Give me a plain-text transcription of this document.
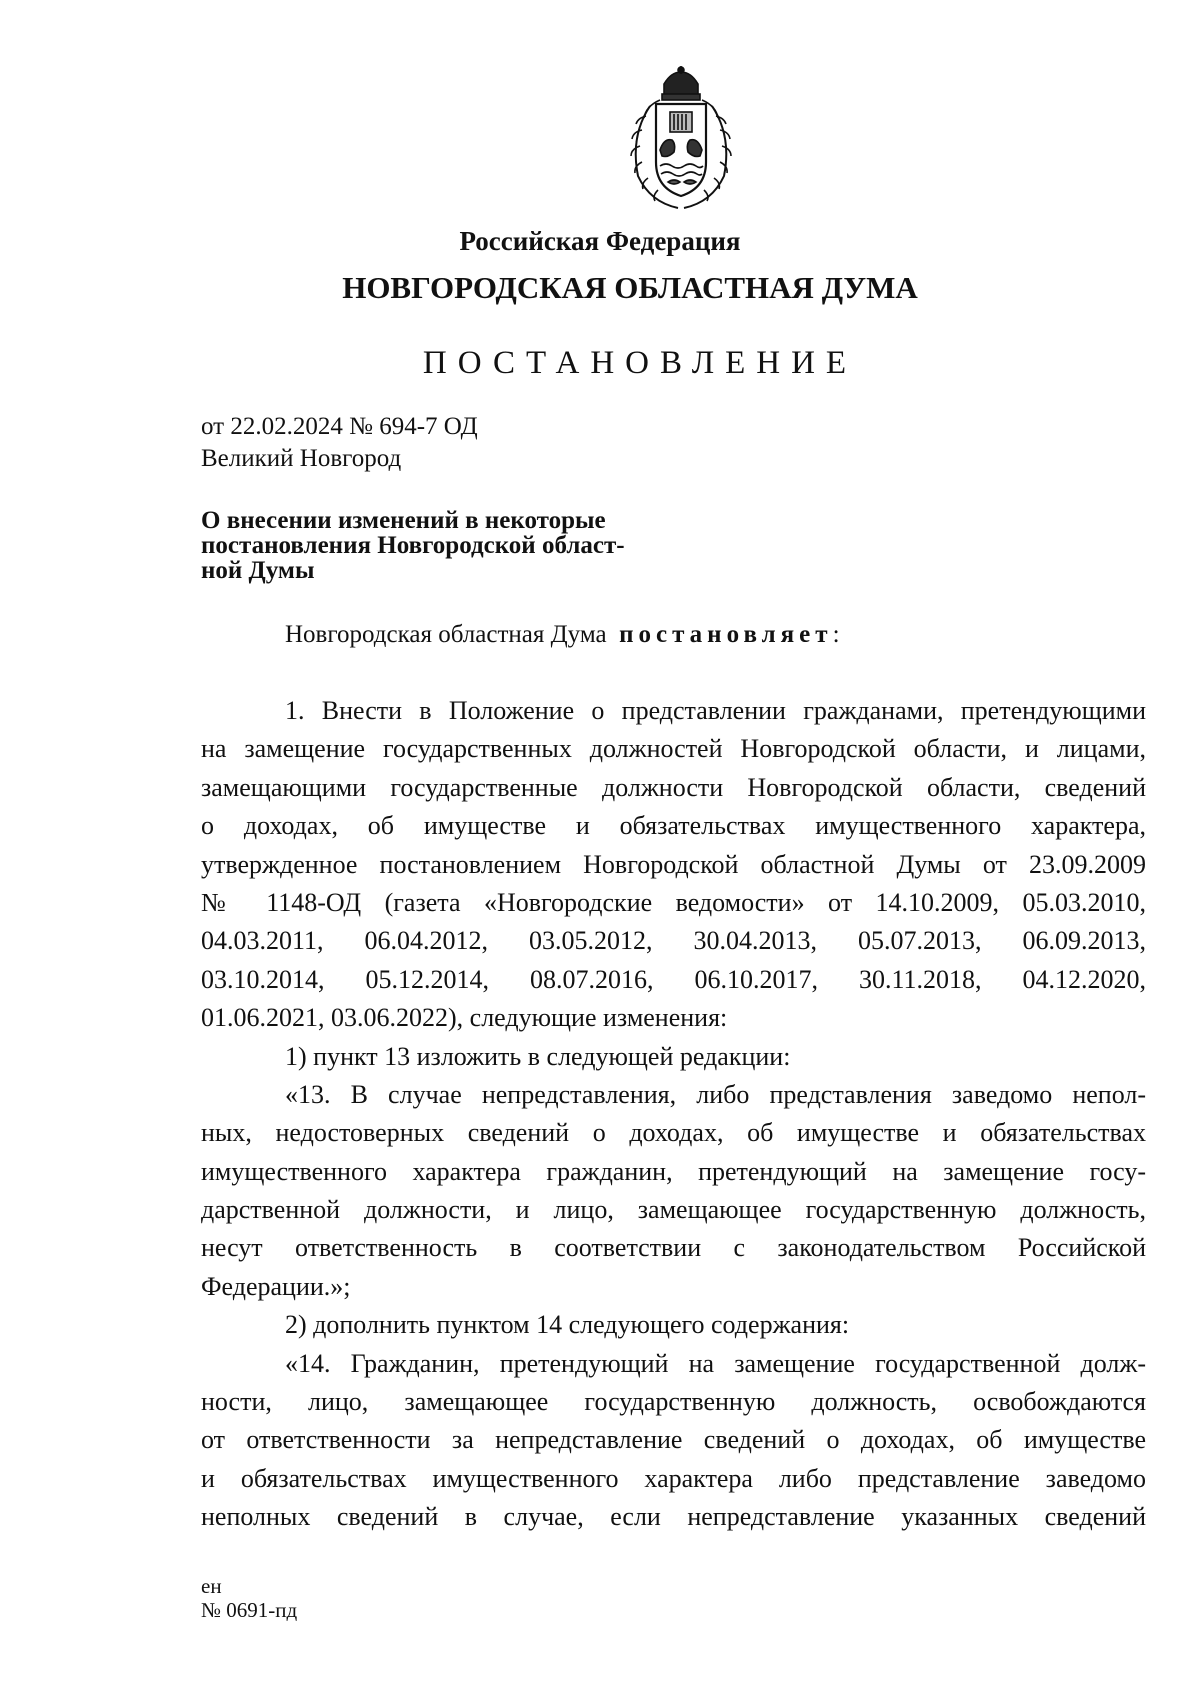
Российская Федерация
НОВГОРОДСКАЯ ОБЛАСТНАЯ ДУМА
ПОСТАНОВЛЕНИЕ
от 22.02.2024 № 694-7 ОД
Великий Новгород
О внесении изменений в некоторые
постановления Новгородской област-
ной Думы
Новгородская областная Дума  постановляет:
1. Внести в Положение о представлении гражданами, претендующими
на замещение государственных должностей Новгородской области, и лицами,
замещающими государственные должности Новгородской области, сведений
о доходах, об имуществе и обязательствах имущественного характера,
утвержденное постановлением Новгородской областной Думы от 23.09.2009
№ 1148-ОД (газета «Новгородские ведомости» от 14.10.2009, 05.03.2010,
04.03.2011, 06.04.2012, 03.05.2012, 30.04.2013, 05.07.2013, 06.09.2013,
03.10.2014, 05.12.2014, 08.07.2016, 06.10.2017, 30.11.2018, 04.12.2020,
01.06.2021, 03.06.2022), следующие изменения:
1) пункт 13 изложить в следующей редакции:
«13. В случае непредставления, либо представления заведомо непол-
ных, недостоверных сведений о доходах, об имуществе и обязательствах
имущественного характера гражданин, претендующий на замещение госу-
дарственной должности, и лицо, замещающее государственную должность,
несут ответственность в соответствии с законодательством Российской
Федерации.»;
2) дополнить пунктом 14 следующего содержания:
«14. Гражданин, претендующий на замещение государственной долж-
ности, лицо, замещающее государственную должность, освобождаются
от ответственности за непредставление сведений о доходах, об имуществе
и обязательствах имущественного характера либо представление заведомо
неполных сведений в случае, если непредставление указанных сведений
ен
№ 0691-пд
